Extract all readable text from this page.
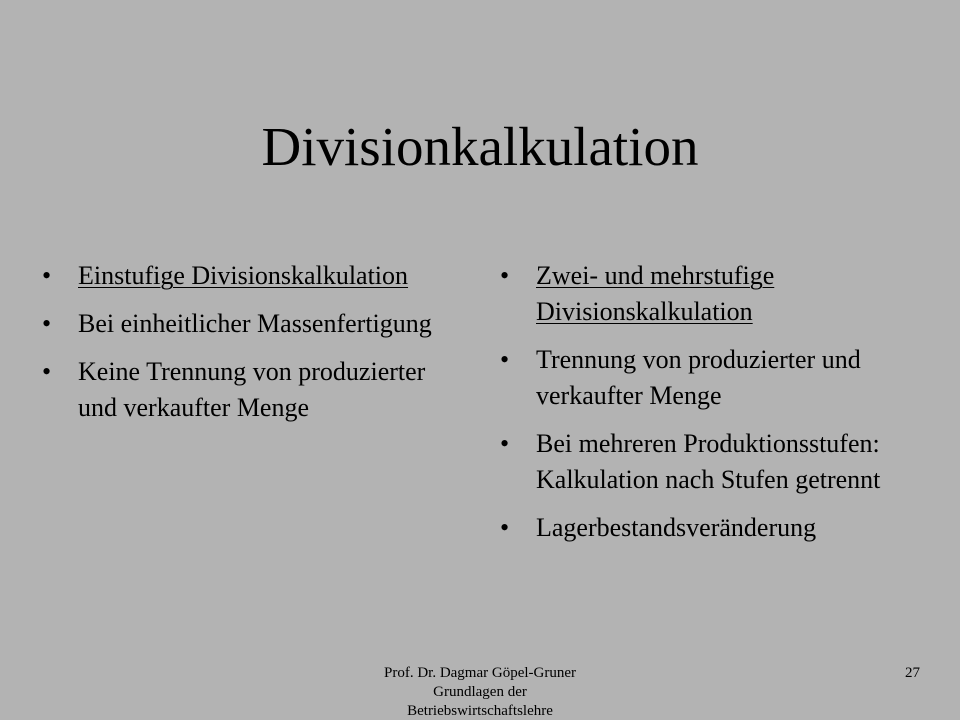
Divisionkalkulation
• Einstufige Divisionskalkulation
• Bei einheitlicher Massenfertigung
• Keine Trennung von produzierter und verkaufter Menge
• Zwei- und mehrstufige Divisionskalkulation
• Trennung von produzierter und verkaufter Menge
• Bei mehreren Produktionsstufen: Kalkulation nach Stufen getrennt
• Lagerbestandsveränderung
Prof. Dr. Dagmar Göpel-Gruner
Grundlagen der
Betriebswirtschaftslehre
27
